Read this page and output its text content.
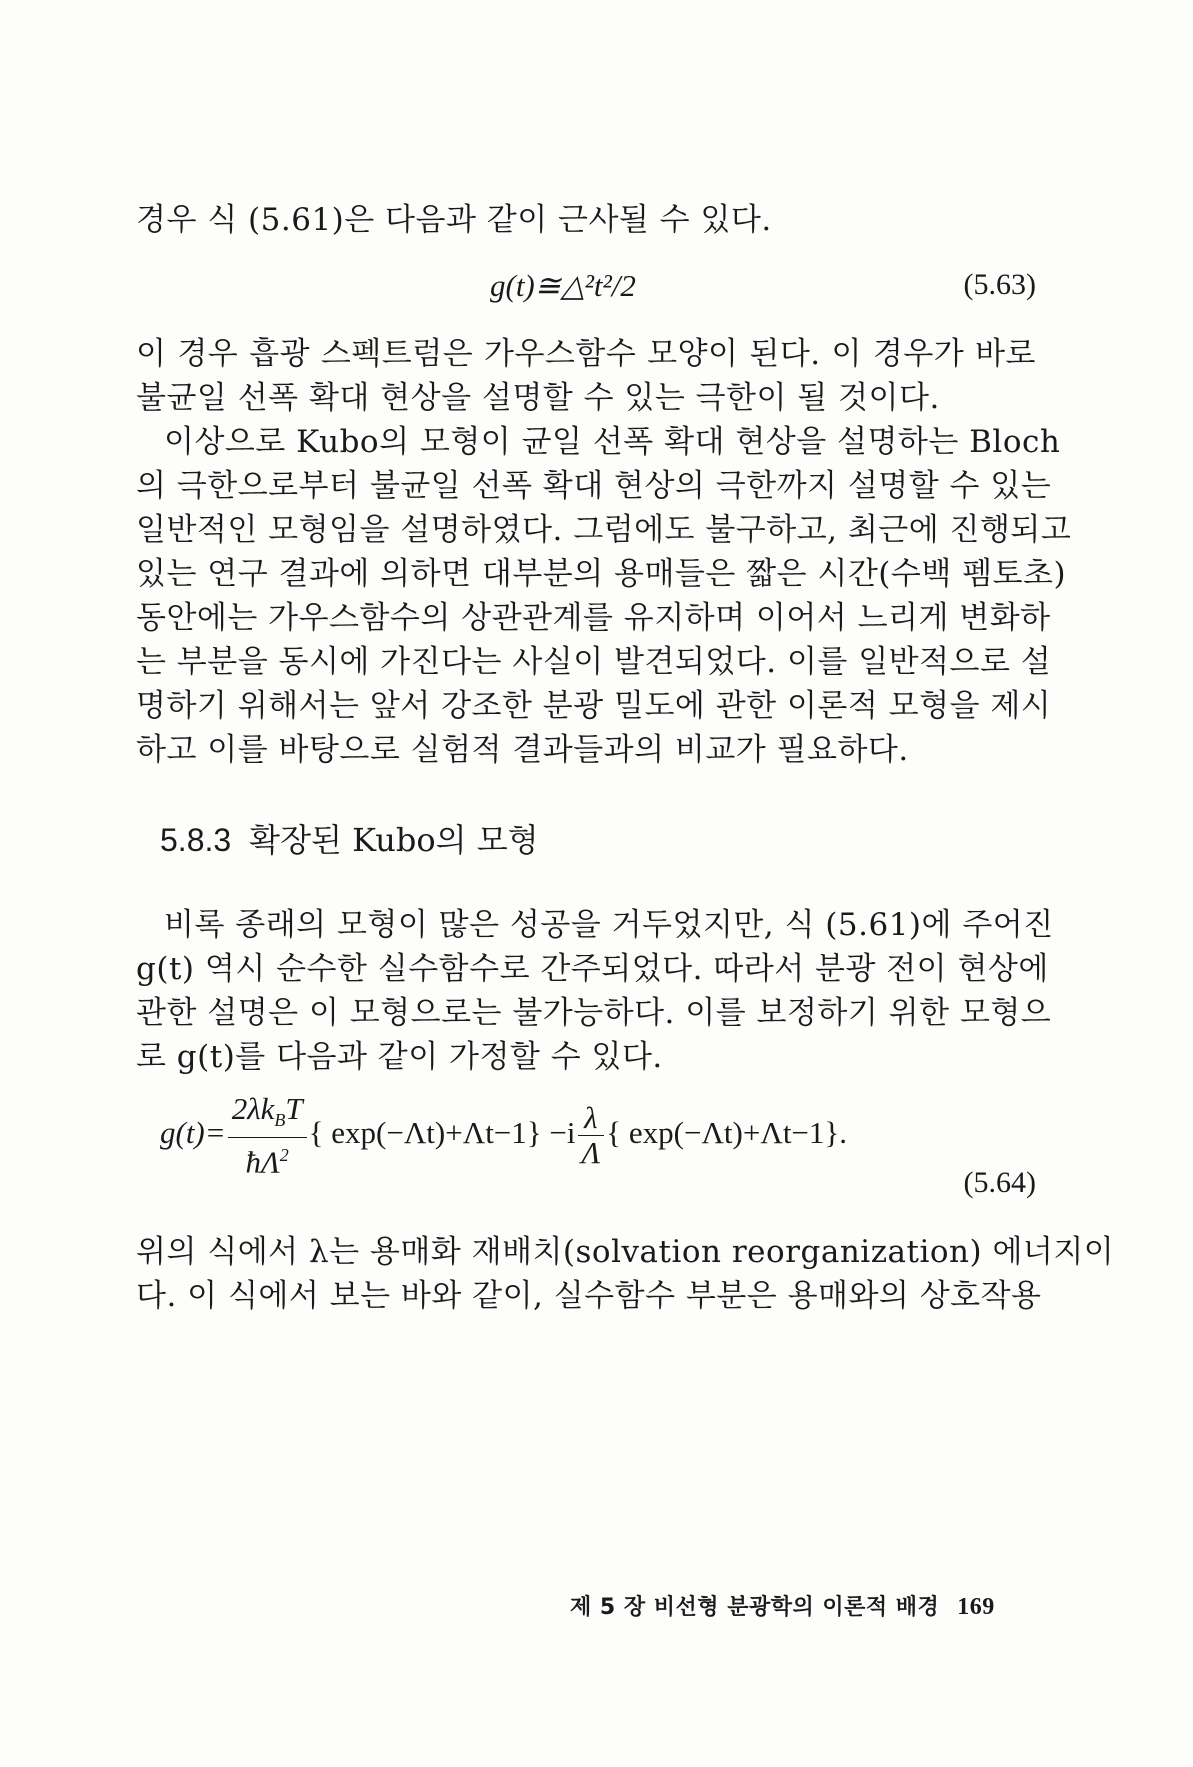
경우 식 (5.61)은 다음과 같이 근사될 수 있다.
g(t)≅△²t²/2	(5.63)
이 경우 흡광 스펙트럼은 가우스함수 모양이 된다. 이 경우가 바로
불균일 선폭 확대 현상을 설명할 수 있는 극한이 될 것이다.
이상으로 Kubo의 모형이 균일 선폭 확대 현상을 설명하는 Bloch
의 극한으로부터 불균일 선폭 확대 현상의 극한까지 설명할 수 있는
일반적인 모형임을 설명하였다. 그럼에도 불구하고, 최근에 진행되고
있는 연구 결과에 의하면 대부분의 용매들은 짧은 시간(수백 펨토초)
동안에는 가우스함수의 상관관계를 유지하며 이어서 느리게 변화하
는 부분을 동시에 가진다는 사실이 발견되었다. 이를 일반적으로 설
명하기 위해서는 앞서 강조한 분광 밀도에 관한 이론적 모형을 제시
하고 이를 바탕으로 실험적 결과들과의 비교가 필요하다.
5.8.3 확장된 Kubo의 모형
비록 종래의 모형이 많은 성공을 거두었지만, 식 (5.61)에 주어진
g(t) 역시 순수한 실수함수로 간주되었다. 따라서 분광 전이 현상에
관한 설명은 이 모형으로는 불가능하다. 이를 보정하기 위한 모형으
로 g(t)를 다음과 같이 가정할 수 있다.
$g(t)= \frac{2\lambda k_BT}{ħ\Lambda^2}$ { $\exp(-\Lambda t)+\Lambda t-1\} -i \frac{\lambda}{\Lambda}$ { exp(−Λt)+Λt−1}.
(5.64)
위의 식에서 λ는 용매화 재배치(solvation reorganization) 에너지이
다. 이 식에서 보는 바와 같이, 실수함수 부분은 용매와의 상호작용
제 5 장 비선형 분광학의 이론적 배경 169
